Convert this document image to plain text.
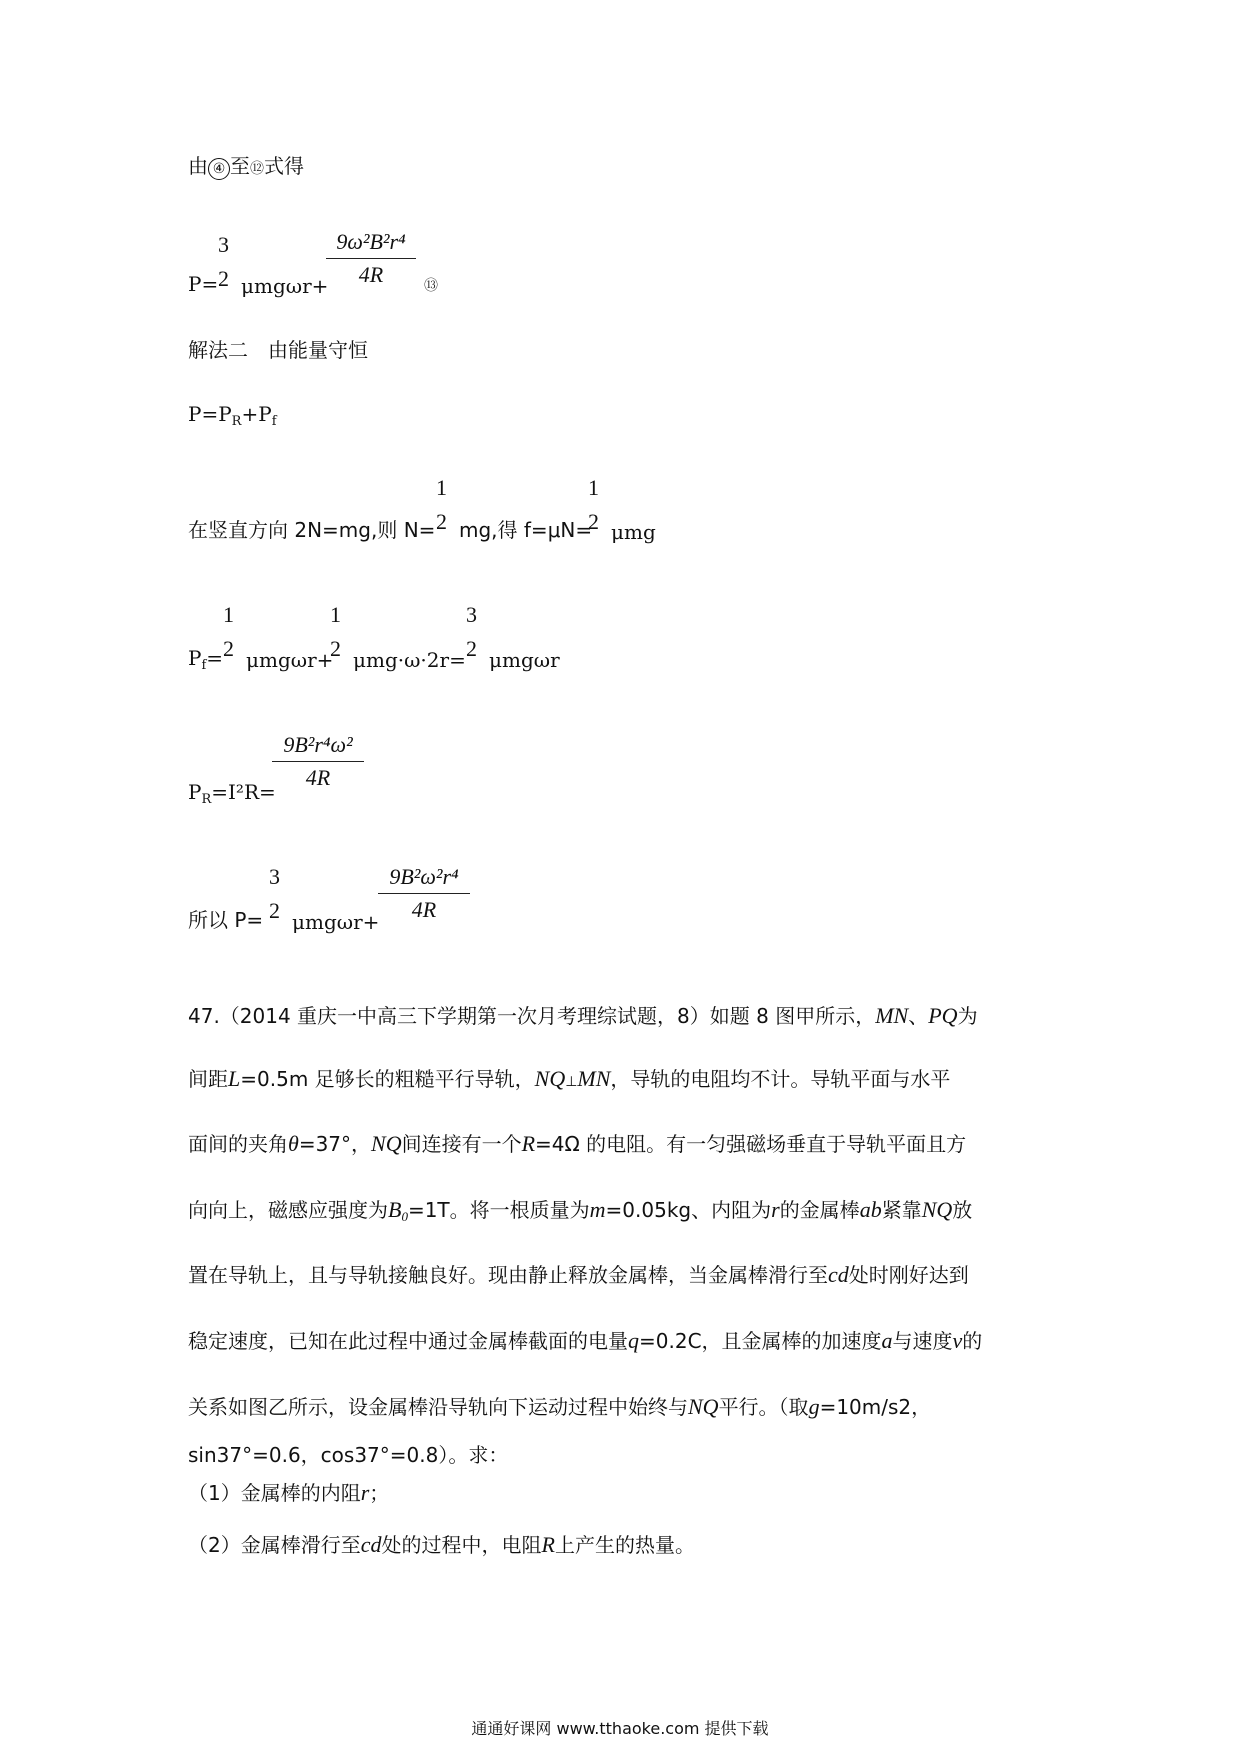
由 ④ 至⑫式得
P=
3
2 μmgωr+
9ω²B²r⁴
4R	⑬
解法二　由能量守恒
$P=P_R+P_f$
在竖直方向 2N=mg,则 N=
1
2 mg,得 f=μN=
1
2 μmg
$P_f=$
1
2 μmgωr+
1
2 μmg·ω·2r=
3
2 μmgωr
$P_R=I^2R=$
9B²r⁴ω²
4R
所以 P=
3
2 μmgωr+
9B²ω²r⁴
4R
47.（2014 重庆一中高三下学期第一次月考理综试题，8）如题 8 图甲所示，MN、PQ为
间距L=0.5m 足够长的粗糙平行导轨，NQ⊥MN，导轨的电阻均不计。导轨平面与水平
面间的夹角θ=37°，NQ间连接有一个R=4Ω 的电阻。有一匀强磁场垂直于导轨平面且方
向向上，磁感应强度为$B_0=1T$。将一根质量为m=0.05kg、内阻为r的金属棒ab紧靠NQ放
置在导轨上，且与导轨接触良好。现由静止释放金属棒，当金属棒滑行至cd处时刚好达到
稳定速度，已知在此过程中通过金属棒截面的电量q=0.2C，且金属棒的加速度a与速度v的
关系如图乙所示，设金属棒沿导轨向下运动过程中始终与NQ平行。（取g=10m/s2，
sin37°=0.6，cos37°=0.8）。求：
（1）金属棒的内阻r；
（2）金属棒滑行至cd处的过程中，电阻R上产生的热量。
通通好课网 www.tthaoke.com 提供下载
